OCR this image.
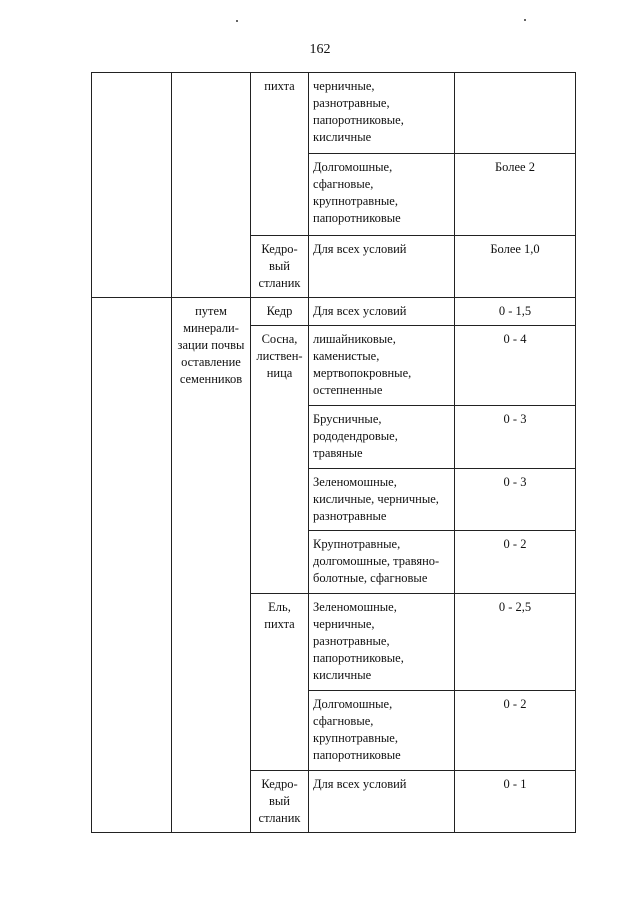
162

		пихта	черничные,
разнотравные,
папоротниковые,
кисличные	

			Долгомошные,
сфагновые,
крупнотравные,
папоротниковые	Более 2

		Кедро-
вый
стланик	Для всех условий	Более 1,0

	путем
минерали-
зации почвы
оставление
семенников	Кедр	Для всех условий	0 - 1,5

		Сосна,
листвен-
ница	лишайниковые,
каменистые,
мертвопокровные,
остепненные	0 - 4

			Брусничные,
рододендровые,
травяные	0 - 3

			Зеленомошные,
кисличные, черничные,
разнотравные	0 - 3

			Крупнотравные,
долгомошные, травяно-
болотные, сфагновые	0 - 2

		Ель,
пихта	Зеленомошные,
черничные,
разнотравные,
папоротниковые,
кисличные	0 - 2,5

			Долгомошные,
сфагновые,
крупнотравные,
папоротниковые	0 - 2

		Кедро-
вый
стланик	Для всех условий	0 - 1
